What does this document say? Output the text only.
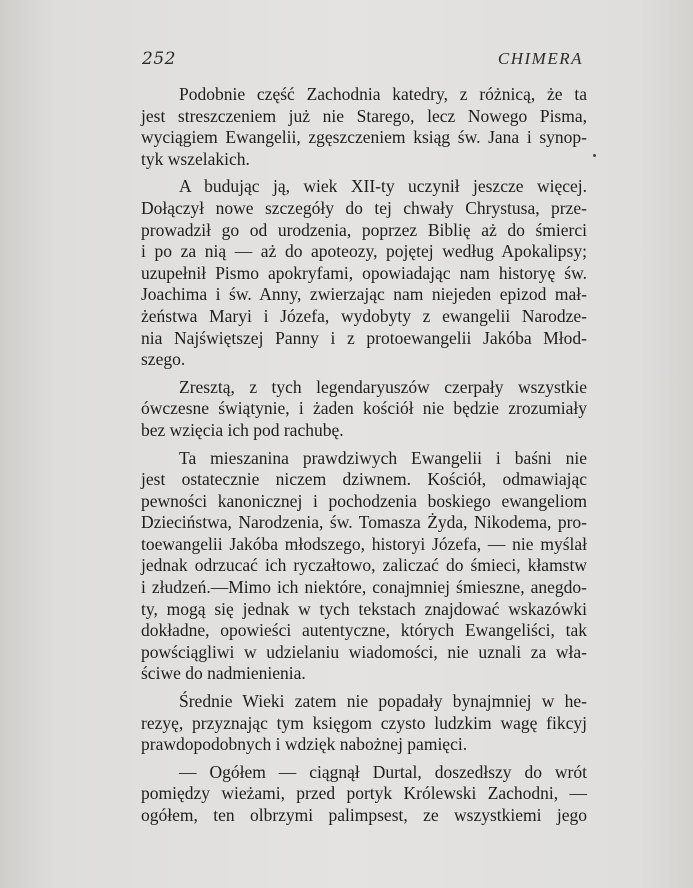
252	CHIMERA
Podobnie część Zachodnia katedry, z różnicą, że ta
jest streszczeniem już nie Starego, lecz Nowego Pisma,
wyciągiem Ewangelii, zgęszczeniem ksiąg św. Jana i synop-
tyk wszelakich.
A budując ją, wiek XII-ty uczynił jeszcze więcej.
Dołączył nowe szczegóły do tej chwały Chrystusa, prze-
prowadził go od urodzenia, poprzez Biblię aż do śmierci
i po za nią — aż do apoteozy, pojętej według Apokalipsy;
uzupełnił Pismo apokryfami, opowiadając nam historyę św.
Joachima i św. Anny, zwierzając nam niejeden epizod mał-
żeństwa Maryi i Józefa, wydobyty z ewangelii Narodze-
nia Najświętszej Panny i z protoewangelii Jakóba Młod-
szego.
Zresztą, z tych legendaryuszów czerpały wszystkie
ówczesne świątynie, i żaden kościół nie będzie zrozumiały
bez wzięcia ich pod rachubę.
Ta mieszanina prawdziwych Ewangelii i baśni nie
jest ostatecznie niczem dziwnem. Kościół, odmawiając
pewności kanonicznej i pochodzenia boskiego ewangeliom
Dzieciństwa, Narodzenia, św. Tomasza Żyda, Nikodema, pro-
toewangelii Jakóba młodszego, historyi Józefa, — nie myślał
jednak odrzucać ich ryczałtowo, zaliczać do śmieci, kłamstw
i złudzeń.—Mimo ich niektóre, conajmniej śmieszne, anegdo-
ty, mogą się jednak w tych tekstach znajdować wskazówki
dokładne, opowieści autentyczne, których Ewangeliści, tak
powściągliwi w udzielaniu wiadomości, nie uznali za wła-
ściwe do nadmienienia.
Średnie Wieki zatem nie popadały bynajmniej w he-
rezyę, przyznając tym księgom czysto ludzkim wagę fikcyj
prawdopodobnych i wdzięk nabożnej pamięci.
— Ogółem — ciągnął Durtal, doszedłszy do wrót
pomiędzy wieżami, przed portyk Królewski Zachodni, —
ogółem, ten olbrzymi palimpsest, ze wszystkiemi jego
